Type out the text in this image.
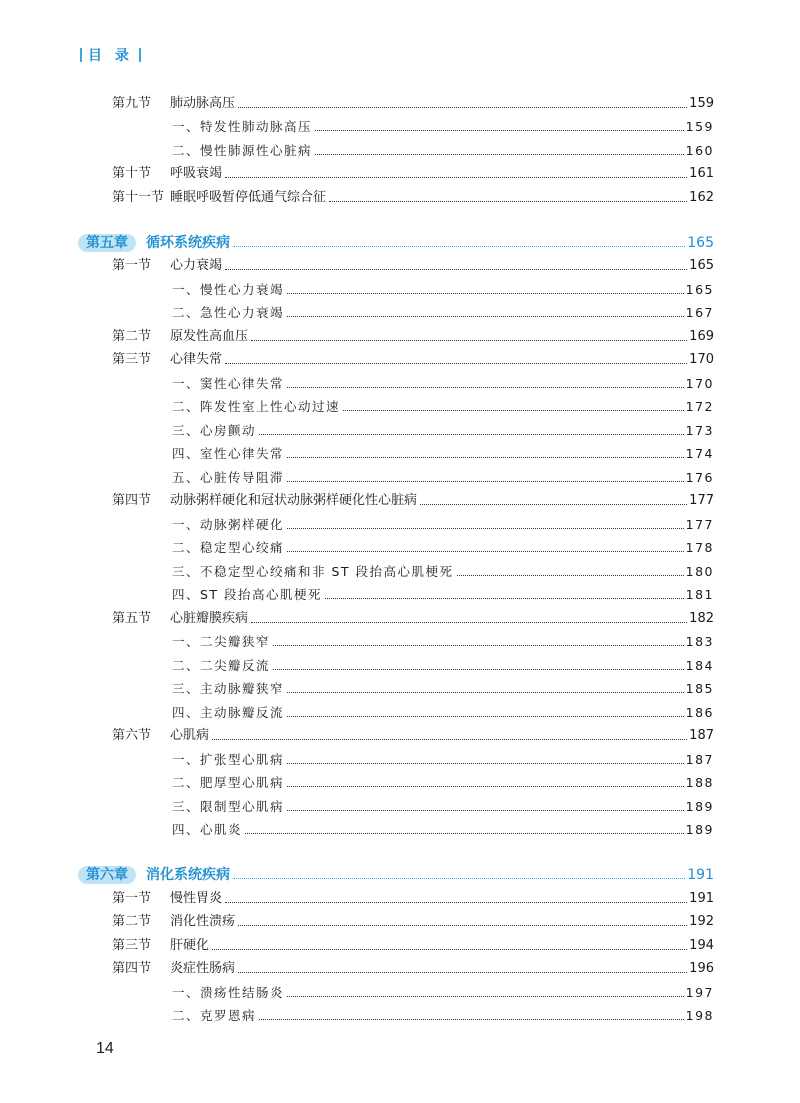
目 录
第九节 肺动脉高压	159
一、特发性肺动脉高压	159
二、慢性肺源性心脏病	160
第十节 呼吸衰竭	161
第十一节 睡眠呼吸暂停低通气综合征	162
第五章 循环系统疾病	165
第一节 心力衰竭	165
一、慢性心力衰竭	165
二、急性心力衰竭	167
第二节 原发性高血压	169
第三节 心律失常	170
一、窦性心律失常	170
二、阵发性室上性心动过速	172
三、心房颤动	173
四、室性心律失常	174
五、心脏传导阻滞	176
第四节 动脉粥样硬化和冠状动脉粥样硬化性心脏病	177
一、动脉粥样硬化	177
二、稳定型心绞痛	178
三、不稳定型心绞痛和非 ST 段抬高心肌梗死	180
四、ST 段抬高心肌梗死	181
第五节 心脏瓣膜疾病	182
一、二尖瓣狭窄	183
二、二尖瓣反流	184
三、主动脉瓣狭窄	185
四、主动脉瓣反流	186
第六节 心肌病	187
一、扩张型心肌病	187
二、肥厚型心肌病	188
三、限制型心肌病	189
四、心肌炎	189
第六章 消化系统疾病	191
第一节 慢性胃炎	191
第二节 消化性溃疡	192
第三节 肝硬化	194
第四节 炎症性肠病	196
一、溃疡性结肠炎	197
二、克罗恩病	198
14
